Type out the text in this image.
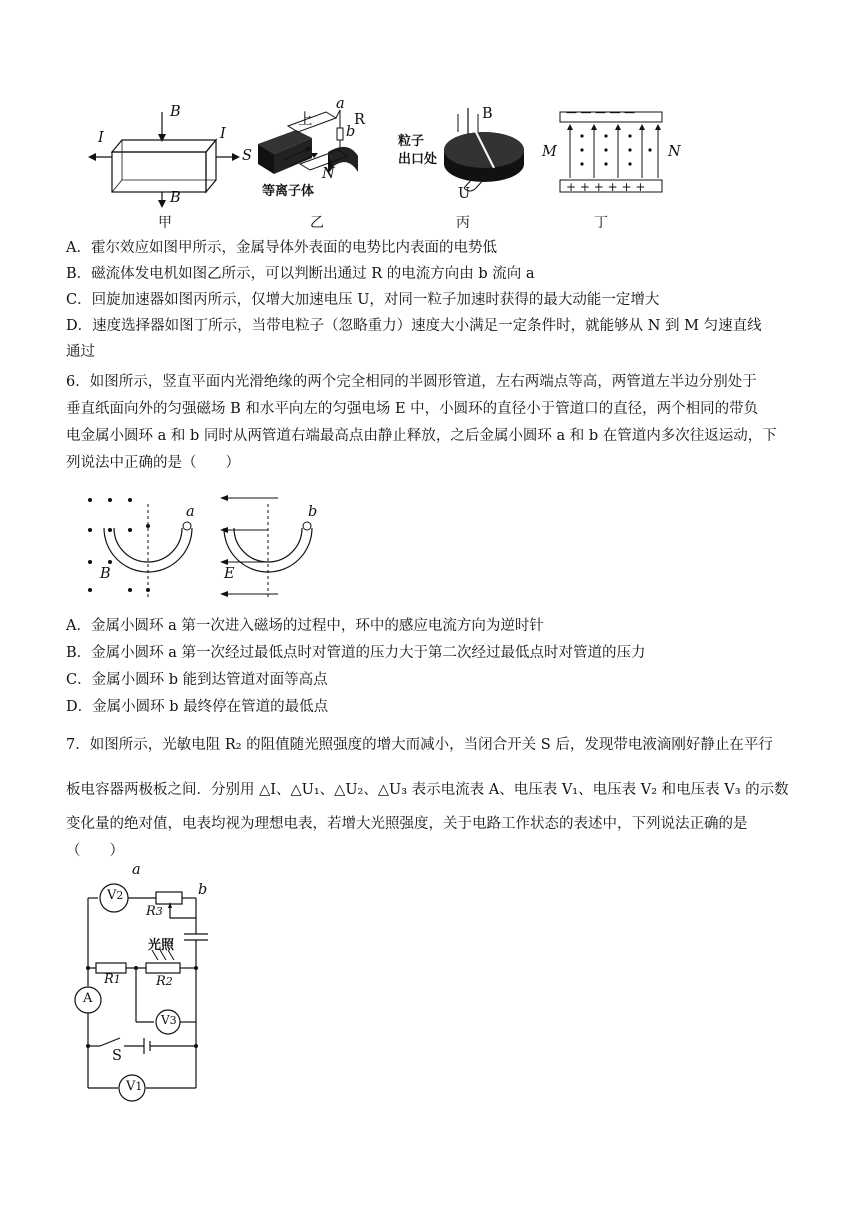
B
B
I	I
甲
上
a
b
R
S
N
等离子体
乙
B
粒子
出口处
U
丙
— — — — —
+ + + + + +
M	N
丁
A．霍尔效应如图甲所示，金属导体外表面的电势比内表面的电势低
B．磁流体发电机如图乙所示，可以判断出通过 R 的电流方向由 b 流向 a
C．回旋加速器如图丙所示，仅增大加速电压 U，对同一粒子加速时获得的最大动能一定增大
D．速度选择器如图丁所示，当带电粒子（忽略重力）速度大小满足一定条件时，就能够从 N 到 M 匀速直线
通过
6．如图所示，竖直平面内光滑绝缘的两个完全相同的半圆形管道，左右两端点等高，两管道左半边分别处于
垂直纸面向外的匀强磁场 B 和水平向左的匀强电场 E 中，小圆环的直径小于管道口的直径，两个相同的带负
电金属小圆环 a 和 b 同时从两管道右端最高点由静止释放，之后金属小圆环 a 和 b 在管道内多次往返运动，下
列说法中正确的是（　　）
a	b
B	E
A．金属小圆环 a 第一次进入磁场的过程中，环中的感应电流方向为逆时针
B．金属小圆环 a 第一次经过最低点时对管道的压力大于第二次经过最低点时对管道的压力
C．金属小圆环 b 能到达管道对面等高点
D．金属小圆环 b 最终停在管道的最低点
7．如图所示，光敏电阻 R₂ 的阻值随光照强度的增大而减小，当闭合开关 S 后，发现带电液滴刚好静止在平行
板电容器两极板之间．分别用 △I、△U₁、△U₂、△U₃ 表示电流表 A、电压表 V₁、电压表 V₂ 和电压表 V₃ 的示数
变化量的绝对值，电表均视为理想电表，若增大光照强度，关于电路工作状态的表述中，下列说法正确的是
（　　）
V2
a
b
R3
光照
R1	R2
A
V3
S
V1
